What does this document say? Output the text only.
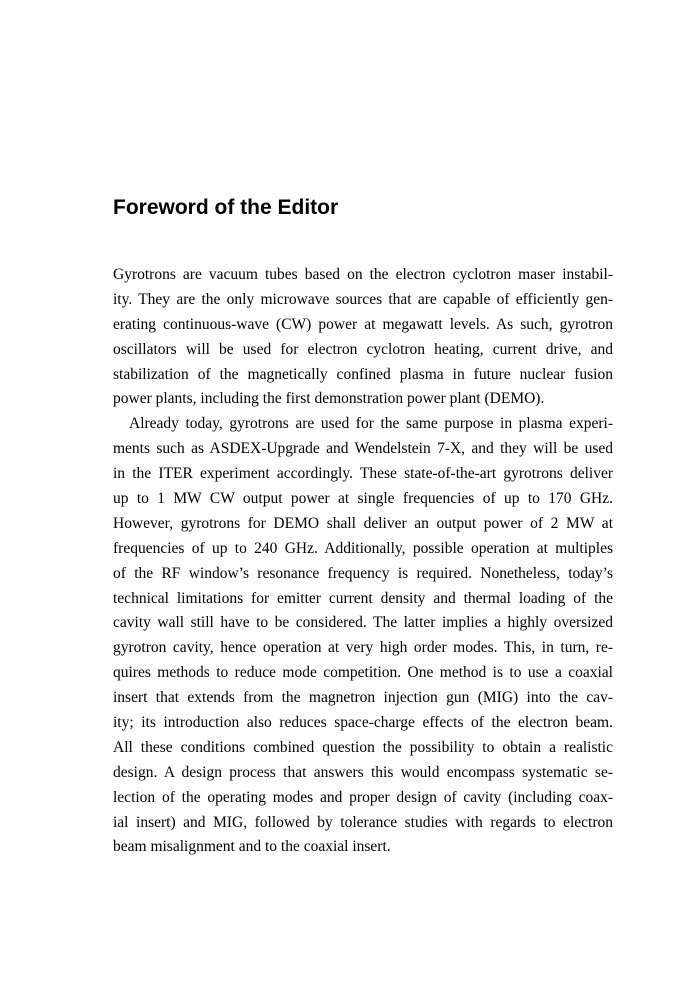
Foreword of the Editor
Gyrotrons are vacuum tubes based on the electron cyclotron maser instabil-
ity. They are the only microwave sources that are capable of efficiently gen-
erating continuous-wave (CW) power at megawatt levels. As such, gyrotron
oscillators will be used for electron cyclotron heating, current drive, and
stabilization of the magnetically confined plasma in future nuclear fusion
power plants, including the first demonstration power plant (DEMO).
Already today, gyrotrons are used for the same purpose in plasma experi-
ments such as ASDEX-Upgrade and Wendelstein 7-X, and they will be used
in the ITER experiment accordingly. These state-of-the-art gyrotrons deliver
up to 1 MW CW output power at single frequencies of up to 170 GHz.
However, gyrotrons for DEMO shall deliver an output power of 2 MW at
frequencies of up to 240 GHz. Additionally, possible operation at multiples
of the RF window’s resonance frequency is required. Nonetheless, today’s
technical limitations for emitter current density and thermal loading of the
cavity wall still have to be considered. The latter implies a highly oversized
gyrotron cavity, hence operation at very high order modes. This, in turn, re-
quires methods to reduce mode competition. One method is to use a coaxial
insert that extends from the magnetron injection gun (MIG) into the cav-
ity; its introduction also reduces space-charge effects of the electron beam.
All these conditions combined question the possibility to obtain a realistic
design. A design process that answers this would encompass systematic se-
lection of the operating modes and proper design of cavity (including coax-
ial insert) and MIG, followed by tolerance studies with regards to electron
beam misalignment and to the coaxial insert.
